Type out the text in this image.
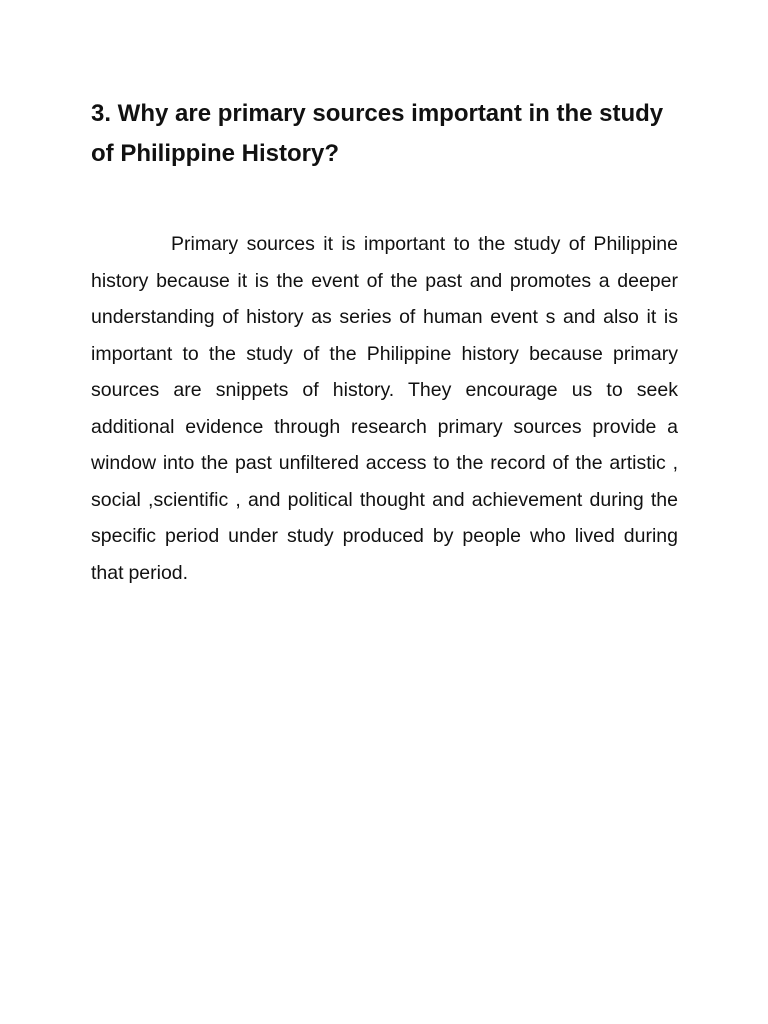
3. Why are primary sources important in the study of Philippine History?

Primary sources it is important to the study of Philippine history because it is the event of the past and promotes a deeper understanding of history as series of human event s and also it is important to the study of the Philippine history because primary sources are snippets of history. They encourage us to seek additional evidence through research primary sources provide a window into the past unfiltered access to the record of the artistic , social ,scientific , and political thought and achievement during the specific period under study produced by people who lived during that period.
